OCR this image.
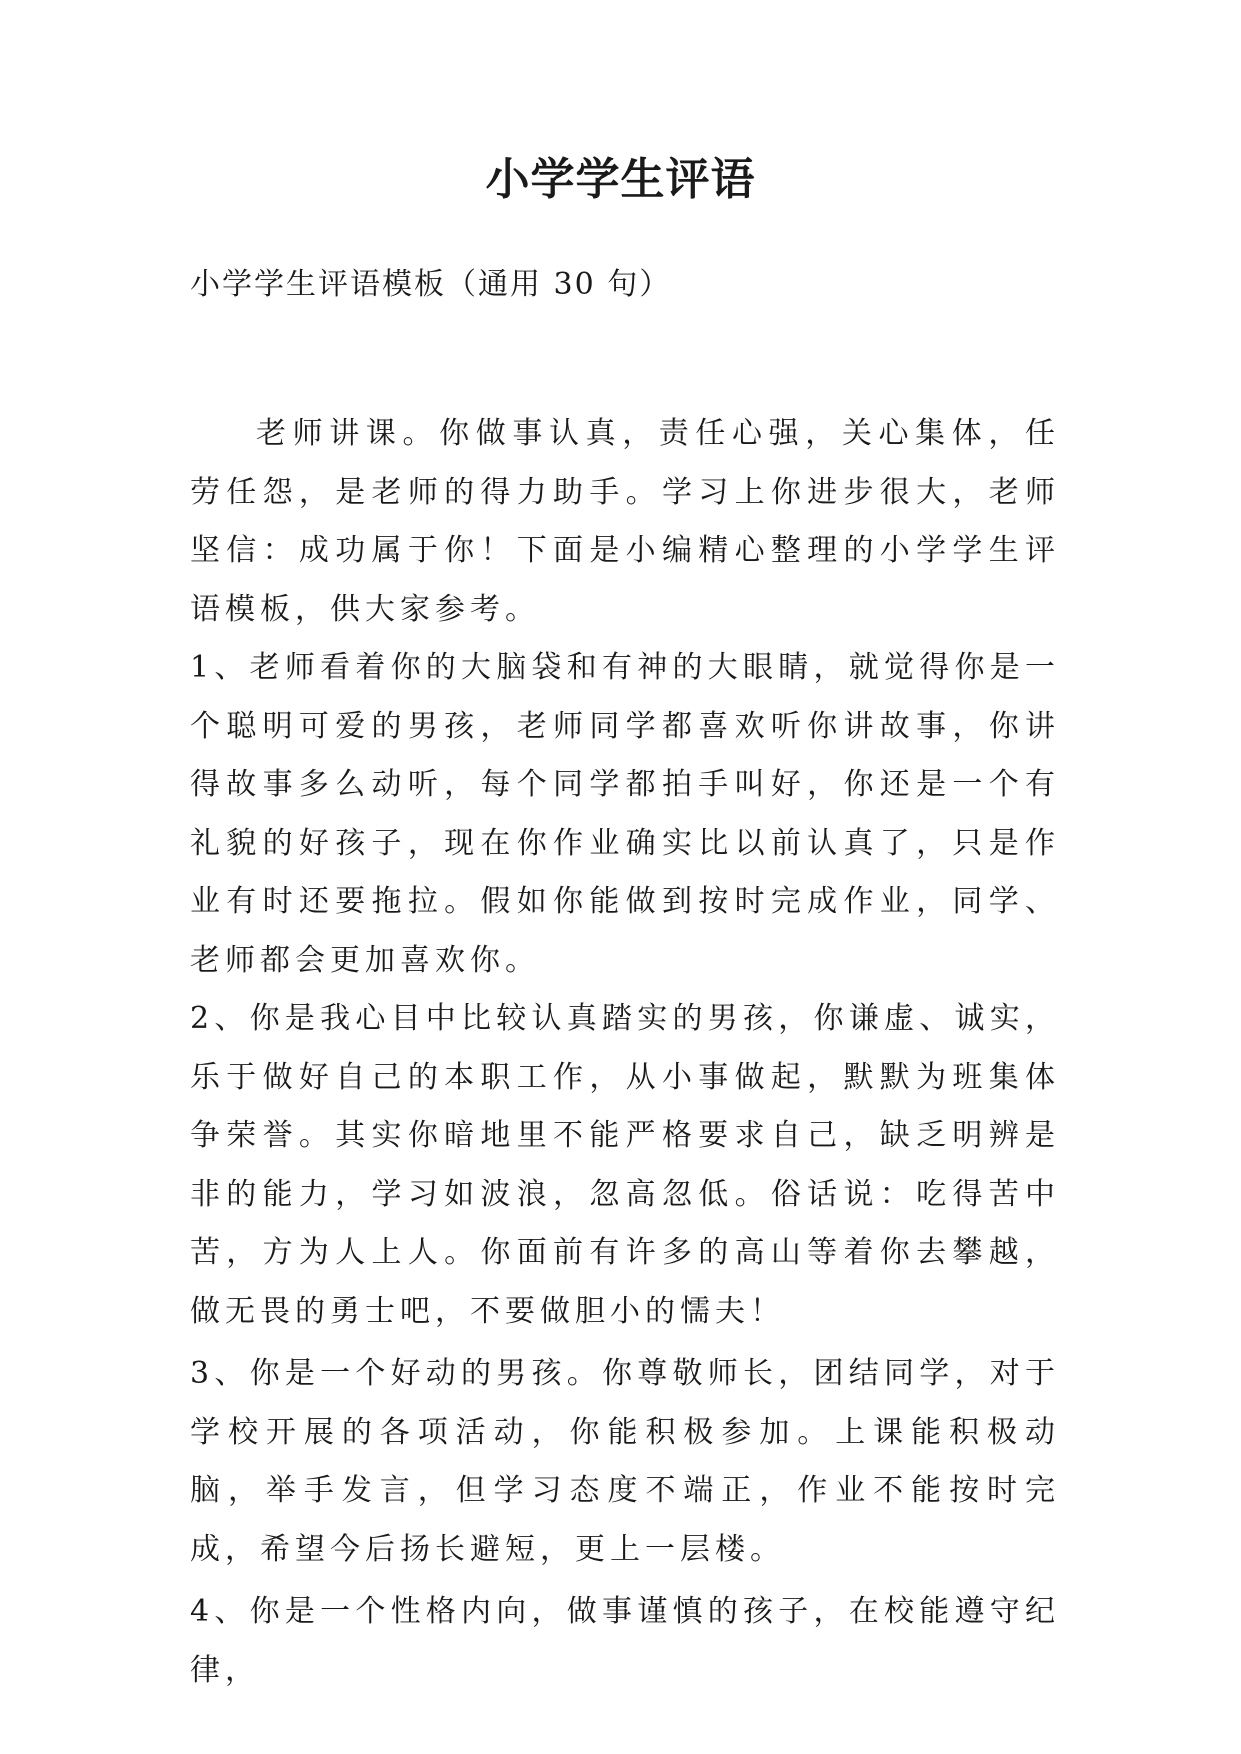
小学学生评语

小学学生评语模板（通用 30 句）

老师讲课。你做事认真，责任心强，关心集体，任劳任怨，是老师的得力助手。学习上你进步很大，老师坚信：成功属于你！下面是小编精心整理的小学学生评语模板，供大家参考。

1、老师看着你的大脑袋和有神的大眼睛，就觉得你是一个聪明可爱的男孩，老师同学都喜欢听你讲故事，你讲得故事多么动听，每个同学都拍手叫好，你还是一个有礼貌的好孩子，现在你作业确实比以前认真了，只是作业有时还要拖拉。假如你能做到按时完成作业，同学、老师都会更加喜欢你。

2、你是我心目中比较认真踏实的男孩，你谦虚、诚实，乐于做好自己的本职工作，从小事做起，默默为班集体争荣誉。其实你暗地里不能严格要求自己，缺乏明辨是非的能力，学习如波浪，忽高忽低。俗话说：吃得苦中苦，方为人上人。你面前有许多的高山等着你去攀越，做无畏的勇士吧，不要做胆小的懦夫！

3、你是一个好动的男孩。你尊敬师长，团结同学，对于学校开展的各项活动，你能积极参加。上课能积极动脑，举手发言，但学习态度不端正，作业不能按时完成，希望今后扬长避短，更上一层楼。

4、你是一个性格内向，做事谨慎的孩子，在校能遵守纪律，
